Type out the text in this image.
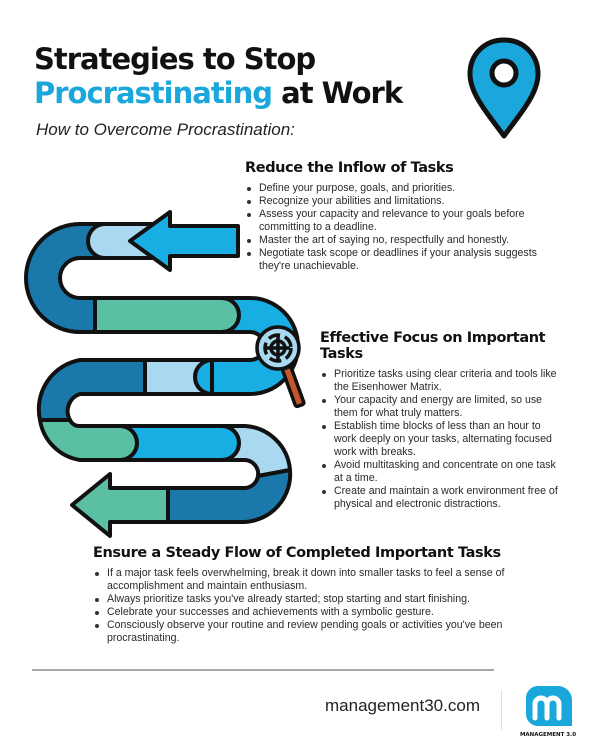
Strategies to Stop
Procrastinating at Work
How to Overcome Procrastination:
Reduce the Inflow of Tasks
Define your purpose, goals, and priorities.
Recognize your abilities and limitations.
Assess your capacity and relevance to your goals before committing to a deadline.
Master the art of saying no, respectfully and honestly.
Negotiate task scope or deadlines if your analysis suggests they're unachievable.
Effective Focus on Important Tasks
Prioritize tasks using clear criteria and tools like the Eisenhower Matrix.
Your capacity and energy are limited, so use them for what truly matters.
Establish time blocks of less than an hour to work deeply on your tasks, alternating focused work with breaks.
Avoid multitasking and concentrate on one task at a time.
Create and maintain a work environment free of physical and electronic distractions.
Ensure a Steady Flow of Completed Important Tasks
If a major task feels overwhelming, break it down into smaller tasks to feel a sense of accomplishment and maintain enthusiasm.
Always prioritize tasks you've already started; stop starting and start finishing.
Celebrate your successes and achievements with a symbolic gesture.
Consciously observe your routine and review pending goals or activities you've been procrastinating.
management30.com
MANAGEMENT 3.0
